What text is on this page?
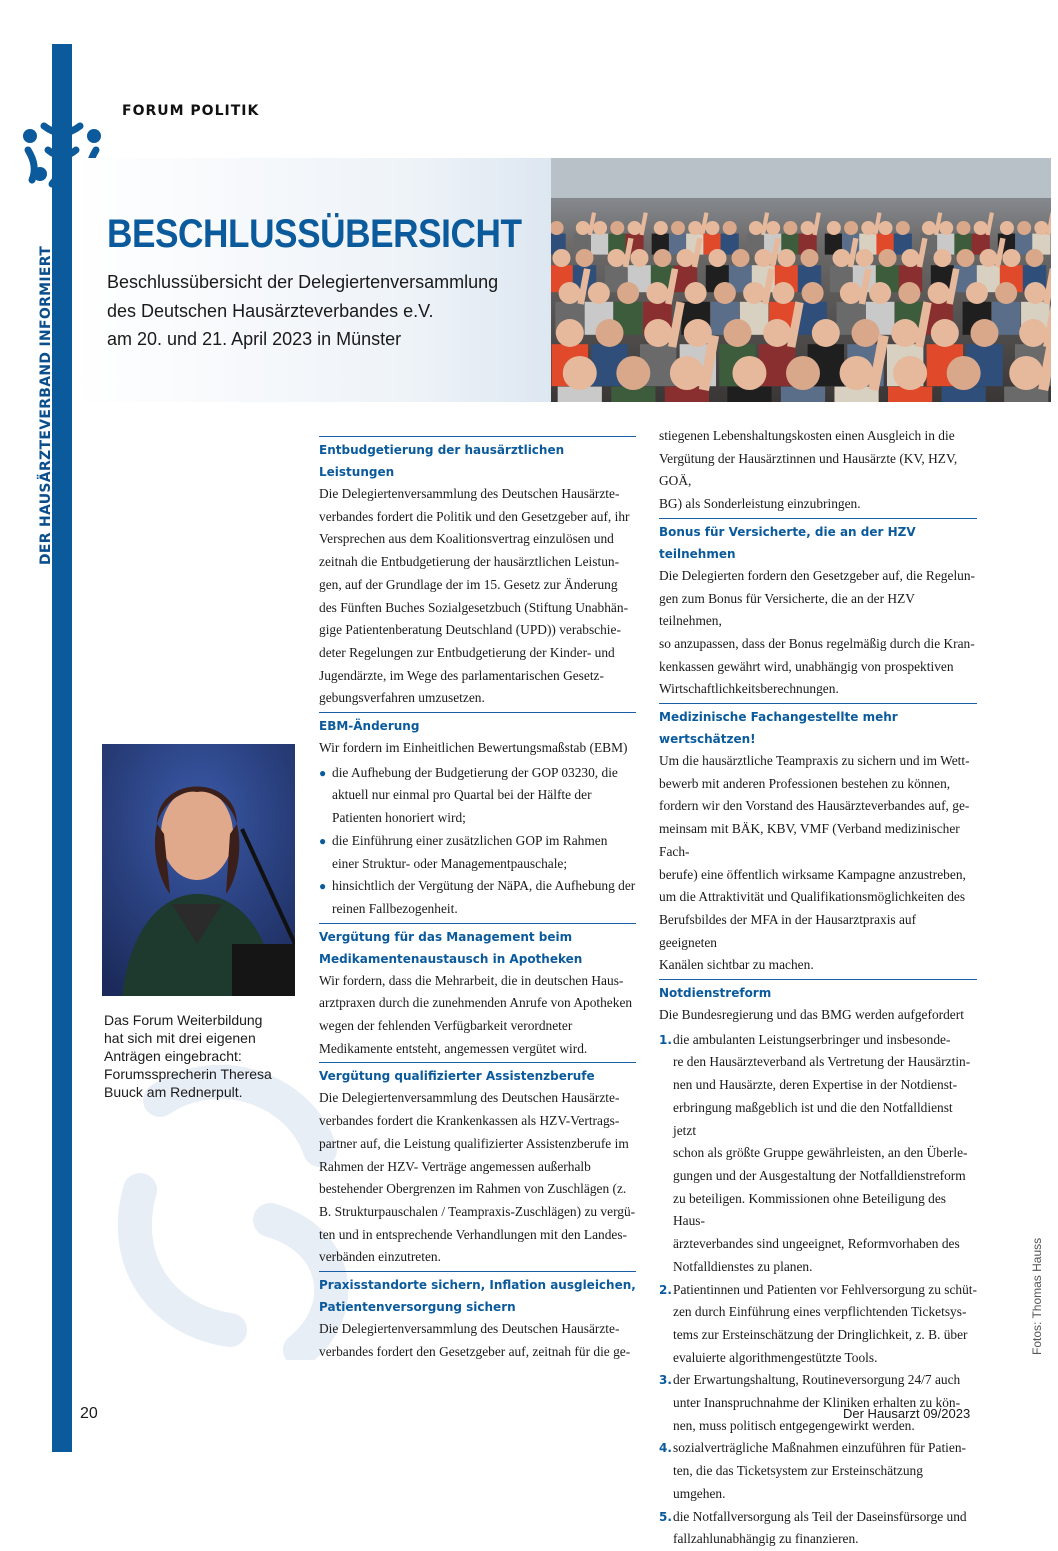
DER HAUSÄRZTEVERBAND INFORMIERT
FORUM POLITIK
BESCHLUSSÜBERSICHT
Beschlussübersicht der Delegiertenversammlung
des Deutschen Hausärzteverbandes e.V.
am 20. und 21. April 2023 in Münster
Das Forum Weiterbildung
hat sich mit drei eigenen
Anträgen eingebracht:
Forumssprecherin Theresa
Buuck am Rednerpult.
Entbudgetierung der hausärztlichen Leistungen
Die Delegiertenversammlung des Deutschen Hausärzte-
verbandes fordert die Politik und den Gesetzgeber auf, ihr
Versprechen aus dem Koalitionsvertrag einzulösen und
zeitnah die Entbudgetierung der hausärztlichen Leistun-
gen, auf der Grundlage der im 15. Gesetz zur Änderung
des Fünften Buches Sozialgesetzbuch (Stiftung Unabhän-
gige Patientenberatung Deutschland (UPD)) verabschie-
deter Regelungen zur Entbudgetierung der Kinder- und
Jugendärzte, im Wege des parlamentarischen Gesetz-
gebungsverfahren umzusetzen.
EBM-Änderung
Wir fordern im Einheitlichen Bewertungsmaßstab (EBM)
● die Aufhebung der Budgetierung der GOP 03230, die
aktuell nur einmal pro Quartal bei der Hälfte der
Patienten honoriert wird;
● die Einführung einer zusätzlichen GOP im Rahmen
einer Struktur- oder Managementpauschale;
● hinsichtlich der Vergütung der NäPA, die Aufhebung der
reinen Fallbezogenheit.
Vergütung für das Management beim
Medikamentenaustausch in Apotheken
Wir fordern, dass die Mehrarbeit, die in deutschen Haus-
arztpraxen durch die zunehmenden Anrufe von Apotheken
wegen der fehlenden Verfügbarkeit verordneter
Medikamente entsteht, angemessen vergütet wird.
Vergütung qualifizierter Assistenzberufe
Die Delegiertenversammlung des Deutschen Hausärzte-
verbandes fordert die Krankenkassen als HZV-Vertrags-
partner auf, die Leistung qualifizierter Assistenzberufe im
Rahmen der HZV- Verträge angemessen außerhalb
bestehender Obergrenzen im Rahmen von Zuschlägen (z.
B. Strukturpauschalen / Teampraxis-Zuschlägen) zu vergü-
ten und in entsprechende Verhandlungen mit den Landes-
verbänden einzutreten.
Praxisstandorte sichern, Inflation ausgleichen,
Patientenversorgung sichern
Die Delegiertenversammlung des Deutschen Hausärzte-
verbandes fordert den Gesetzgeber auf, zeitnah für die ge-
stiegenen Lebenshaltungskosten einen Ausgleich in die
Vergütung der Hausärztinnen und Hausärzte (KV, HZV, GOÄ,
BG) als Sonderleistung einzubringen.
Bonus für Versicherte, die an der HZV teilnehmen
Die Delegierten fordern den Gesetzgeber auf, die Regelun-
gen zum Bonus für Versicherte, die an der HZV teilnehmen,
so anzupassen, dass der Bonus regelmäßig durch die Kran-
kenkassen gewährt wird, unabhängig von prospektiven
Wirtschaftlichkeitsberechnungen.
Medizinische Fachangestellte mehr wertschätzen!
Um die hausärztliche Teampraxis zu sichern und im Wett-
bewerb mit anderen Professionen bestehen zu können,
fordern wir den Vorstand des Hausärzteverbandes auf, ge-
meinsam mit BÄK, KBV, VMF (Verband medizinischer Fach-
berufe) eine öffentlich wirksame Kampagne anzustreben,
um die Attraktivität und Qualifikationsmöglichkeiten des
Berufsbildes der MFA in der Hausarztpraxis auf geeigneten
Kanälen sichtbar zu machen.
Notdienstreform
Die Bundesregierung und das BMG werden aufgefordert
1. die ambulanten Leistungserbringer und insbesonde-
re den Hausärzteverband als Vertretung der Hausärztin-
nen und Hausärzte, deren Expertise in der Notdienst-
erbringung maßgeblich ist und die den Notfalldienst jetzt
schon als größte Gruppe gewährleisten, an den Überle-
gungen und der Ausgestaltung der Notfalldienstreform
zu beteiligen. Kommissionen ohne Beteiligung des Haus-
ärzteverbandes sind ungeeignet, Reformvorhaben des
Notfalldienstes zu planen.
2. Patientinnen und Patienten vor Fehlversorgung zu schüt-
zen durch Einführung eines verpflichtenden Ticketsys-
tems zur Ersteinschätzung der Dringlichkeit, z. B. über
evaluierte algorithmengestützte Tools.
3. der Erwartungshaltung, Routineversorgung 24/7 auch
unter Inanspruchnahme der Kliniken erhalten zu kön-
nen, muss politisch entgegengewirkt werden.
4. sozialverträgliche Maßnahmen einzuführen für Patien-
ten, die das Ticketsystem zur Ersteinschätzung umgehen.
5. die Notfallversorgung als Teil der Daseinsfürsorge und
fallzahlunabhängig zu finanzieren.
Fotos: Thomas Hauss
20	Der Hausarzt 09/2023
